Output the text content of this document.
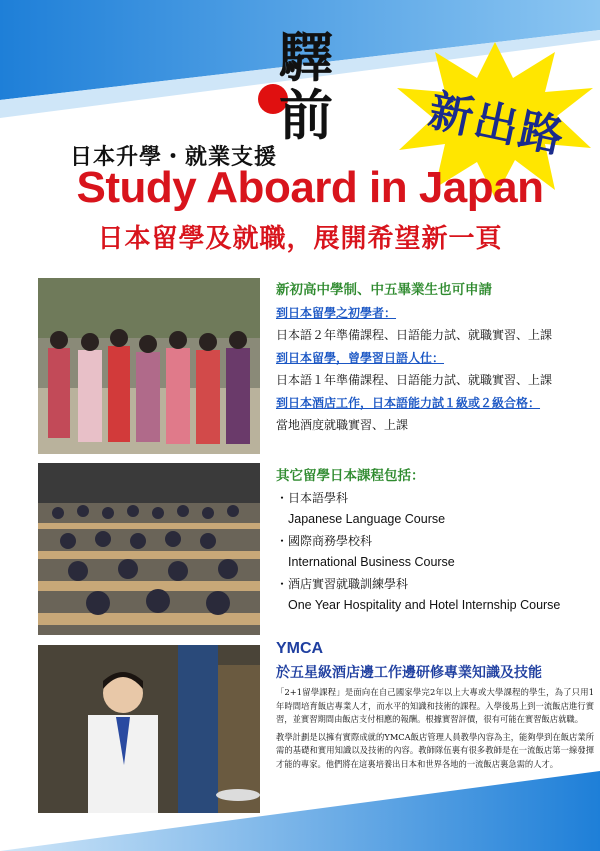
新出路
驛
前
日本升學・就業支援
Study Aboard in Japan
日本留學及就職，展開希望新一頁
新初高中學制、中五畢業生也可申請
到日本留學之初學者：
日本語２年準備課程、日語能力試、就職實習、上課
到日本留學，曾學習日語人仕：
日本語１年準備課程、日語能力試、就職實習、上課
到日本酒店工作，日本語能力試１級或２級合格：
當地酒度就職實習、上課
其它留學日本課程包括：
・日本語學科
Japanese Language Course
・國際商務學校科
International Business Course
・酒店實習就職訓練學科
One Year Hospitality and Hotel Internship Course
YMCA
於五星級酒店邊工作邊研修專業知識及技能
「2+1留學課程」是面向在自己國家學完2年以上大專或大學課程的學生，為了只用1年時間培育飯店專業人才，而水平的知識和技術的課程。入學後馬上到一流飯店進行實習，並實習期間由飯店支付相應的報酬。根據實習評價，很有可能在實習飯店就職。
教學計劃是以擁有實際成就的YMCA飯店管理人員教學內容為主，能夠學到在飯店業所需的基礎和實用知識以及技術的內容。教師隊伍裏有很多教師是在一流飯店第一線發揮才能的專家。他們將在這裏培養出日本和世界各地的一流飯店裏急需的人才。
